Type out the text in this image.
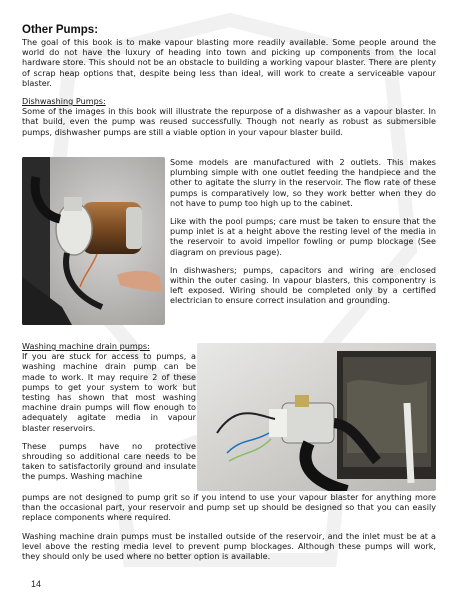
Other Pumps:

The goal of this book is to make vapour blasting more readily available. Some people around the world do not have the luxury of heading into town and picking up components from the local hardware store. This should not be an obstacle to building a working vapour blaster. There are plenty of scrap heap options that, despite being less than ideal, will work to create a serviceable vapour blaster.

Dishwashing Pumps:

Some of the images in this book will illustrate the repurpose of a dishwasher as a vapour blaster. In that build, even the pump was reused successfully. Though not nearly as robust as submersible pumps, dishwasher pumps are still a viable option in your vapour blaster build.

Some models are manufactured with 2 outlets. This makes plumbing simple with one outlet feeding the handpiece and the other to agitate the slurry in the reservoir. The flow rate of these pumps is comparatively low, so they work better when they do not have to pump too high up to the cabinet.

Like with the pool pumps; care must be taken to ensure that the pump inlet is at a height above the resting level of the media in the reservoir to avoid impellor fowling or pump blockage (See diagram on previous page).

In dishwashers; pumps, capacitors and wiring are enclosed within the outer casing. In vapour blasters, this componentry is left exposed. Wiring should be completed only by a certified electrician to ensure correct insulation and grounding.

Washing machine drain pumps:

If you are stuck for access to pumps, a washing machine drain pump can be made to work. It may require 2 of these pumps to get your system to work but testing has shown that most washing machine drain pumps will flow enough to adequately agitate media in vapour blaster reservoirs.

These pumps have no protective shrouding so additional care needs to be taken to satisfactorily ground and insulate the pumps. Washing machine

pumps are not designed to pump grit so if you intend to use your vapour blaster for anything more than the occasional part, your reservoir and pump set up should be designed so that you can easily replace components where required.

Washing machine drain pumps must be installed outside of the reservoir, and the inlet must be at a level above the resting media level to prevent pump blockages. Although these pumps will work, they should only be used where no better option is available.

14
